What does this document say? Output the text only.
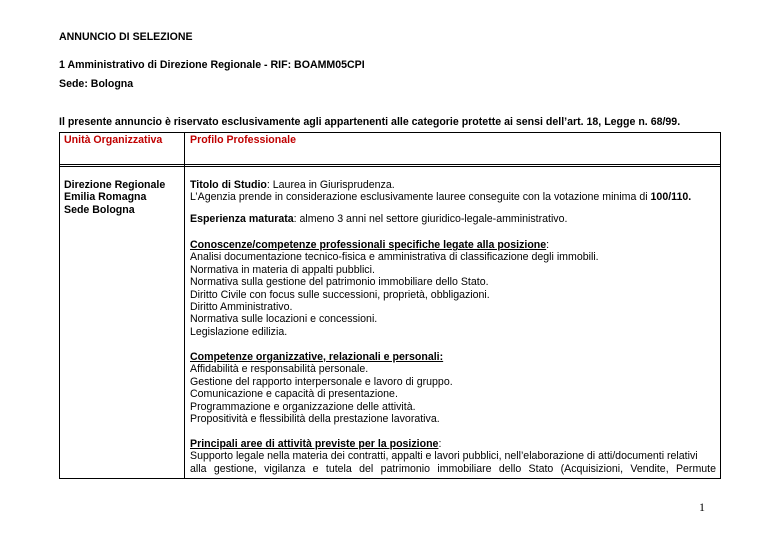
ANNUNCIO DI SELEZIONE
1 Amministrativo di Direzione Regionale - RIF: BOAMM05CPI
Sede: Bologna
Il presente annuncio è riservato esclusivamente agli appartenenti alle categorie protette ai sensi dell’art. 18, Legge n. 68/99.
Unità Organizzativa	Profilo Professionale
Direzione Regionale
Emilia Romagna
Sede Bologna
Titolo di Studio: Laurea in Giurisprudenza.
L’Agenzia prende in considerazione esclusivamente lauree conseguite con la votazione minima di 100/110.
Esperienza maturata: almeno 3 anni nel settore giuridico-legale-amministrativo.
Conoscenze/competenze professionali specifiche legate alla posizione:
Analisi documentazione tecnico-fisica e amministrativa di classificazione degli immobili.
Normativa in materia di appalti pubblici.
Normativa sulla gestione del patrimonio immobiliare dello Stato.
Diritto Civile con focus sulle successioni, proprietà, obbligazioni.
Diritto Amministrativo.
Normativa sulle locazioni e concessioni.
Legislazione edilizia.
Competenze organizzative, relazionali e personali:
Affidabilità e responsabilità personale.
Gestione del rapporto interpersonale e lavoro di gruppo.
Comunicazione e capacità di presentazione.
Programmazione e organizzazione delle attività.
Propositività e flessibilità della prestazione lavorativa.
Principali aree di attività previste per la posizione:
Supporto legale nella materia dei contratti, appalti e lavori pubblici, nell’elaborazione di atti/documenti relativi
alla gestione, vigilanza e tutela del patrimonio immobiliare dello Stato (Acquisizioni, Vendite, Permute
1
